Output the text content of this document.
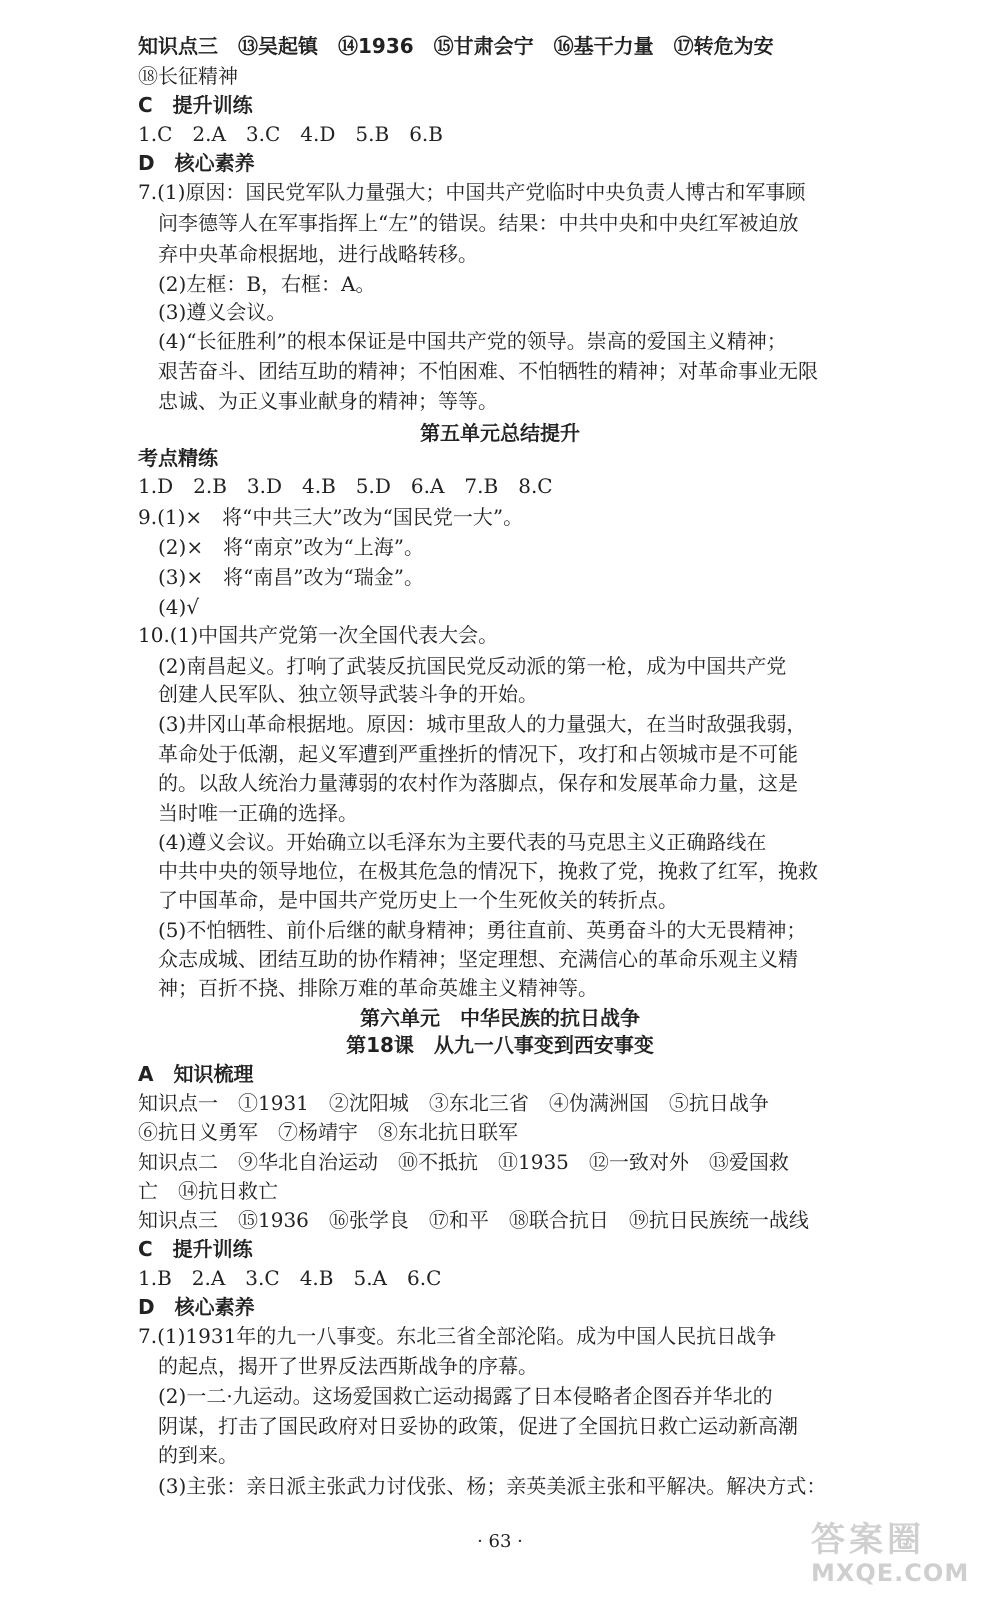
知识点三　⑬吴起镇　⑭1936　⑮甘肃会宁　⑯基干力量　⑰转危为安
⑱长征精神
C　提升训练
1.C　2.A　3.C　4.D　5.B　6.B
D　核心素养
7.(1)原因：国民党军队力量强大；中国共产党临时中央负责人博古和军事顾
问李德等人在军事指挥上“左”的错误。结果：中共中央和中央红军被迫放
弃中央革命根据地，进行战略转移。
(2)左框：B，右框：A。
(3)遵义会议。
(4)“长征胜利”的根本保证是中国共产党的领导。崇高的爱国主义精神；
艰苦奋斗、团结互助的精神；不怕困难、不怕牺牲的精神；对革命事业无限
忠诚、为正义事业献身的精神；等等。
第五单元总结提升
考点精练
1.D　2.B　3.D　4.B　5.D　6.A　7.B　8.C
9.(1)×　将“中共三大”改为“国民党一大”。
(2)×　将“南京”改为“上海”。
(3)×　将“南昌”改为“瑞金”。
(4)√
10.(1)中国共产党第一次全国代表大会。
(2)南昌起义。打响了武装反抗国民党反动派的第一枪，成为中国共产党
创建人民军队、独立领导武装斗争的开始。
(3)井冈山革命根据地。原因：城市里敌人的力量强大，在当时敌强我弱，
革命处于低潮，起义军遭到严重挫折的情况下，攻打和占领城市是不可能
的。以敌人统治力量薄弱的农村作为落脚点，保存和发展革命力量，这是
当时唯一正确的选择。
(4)遵义会议。开始确立以毛泽东为主要代表的马克思主义正确路线在
中共中央的领导地位，在极其危急的情况下，挽救了党，挽救了红军，挽救
了中国革命，是中国共产党历史上一个生死攸关的转折点。
(5)不怕牺牲、前仆后继的献身精神；勇往直前、英勇奋斗的大无畏精神；
众志成城、团结互助的协作精神；坚定理想、充满信心的革命乐观主义精
神；百折不挠、排除万难的革命英雄主义精神等。
第六单元　中华民族的抗日战争
第18课　从九一八事变到西安事变
A　知识梳理
知识点一　①1931　②沈阳城　③东北三省　④伪满洲国　⑤抗日战争
⑥抗日义勇军　⑦杨靖宇　⑧东北抗日联军
知识点二　⑨华北自治运动　⑩不抵抗　⑪1935　⑫一致对外　⑬爱国救
亡　⑭抗日救亡
知识点三　⑮1936　⑯张学良　⑰和平　⑱联合抗日　⑲抗日民族统一战线
C　提升训练
1.B　2.A　3.C　4.B　5.A　6.C
D　核心素养
7.(1)1931年的九一八事变。东北三省全部沦陷。成为中国人民抗日战争
的起点，揭开了世界反法西斯战争的序幕。
(2)一二·九运动。这场爱国救亡运动揭露了日本侵略者企图吞并华北的
阴谋，打击了国民政府对日妥协的政策，促进了全国抗日救亡运动新高潮
的到来。
(3)主张：亲日派主张武力讨伐张、杨；亲英美派主张和平解决。解决方式：
· 63 ·	答案圈
MXQE.COM
